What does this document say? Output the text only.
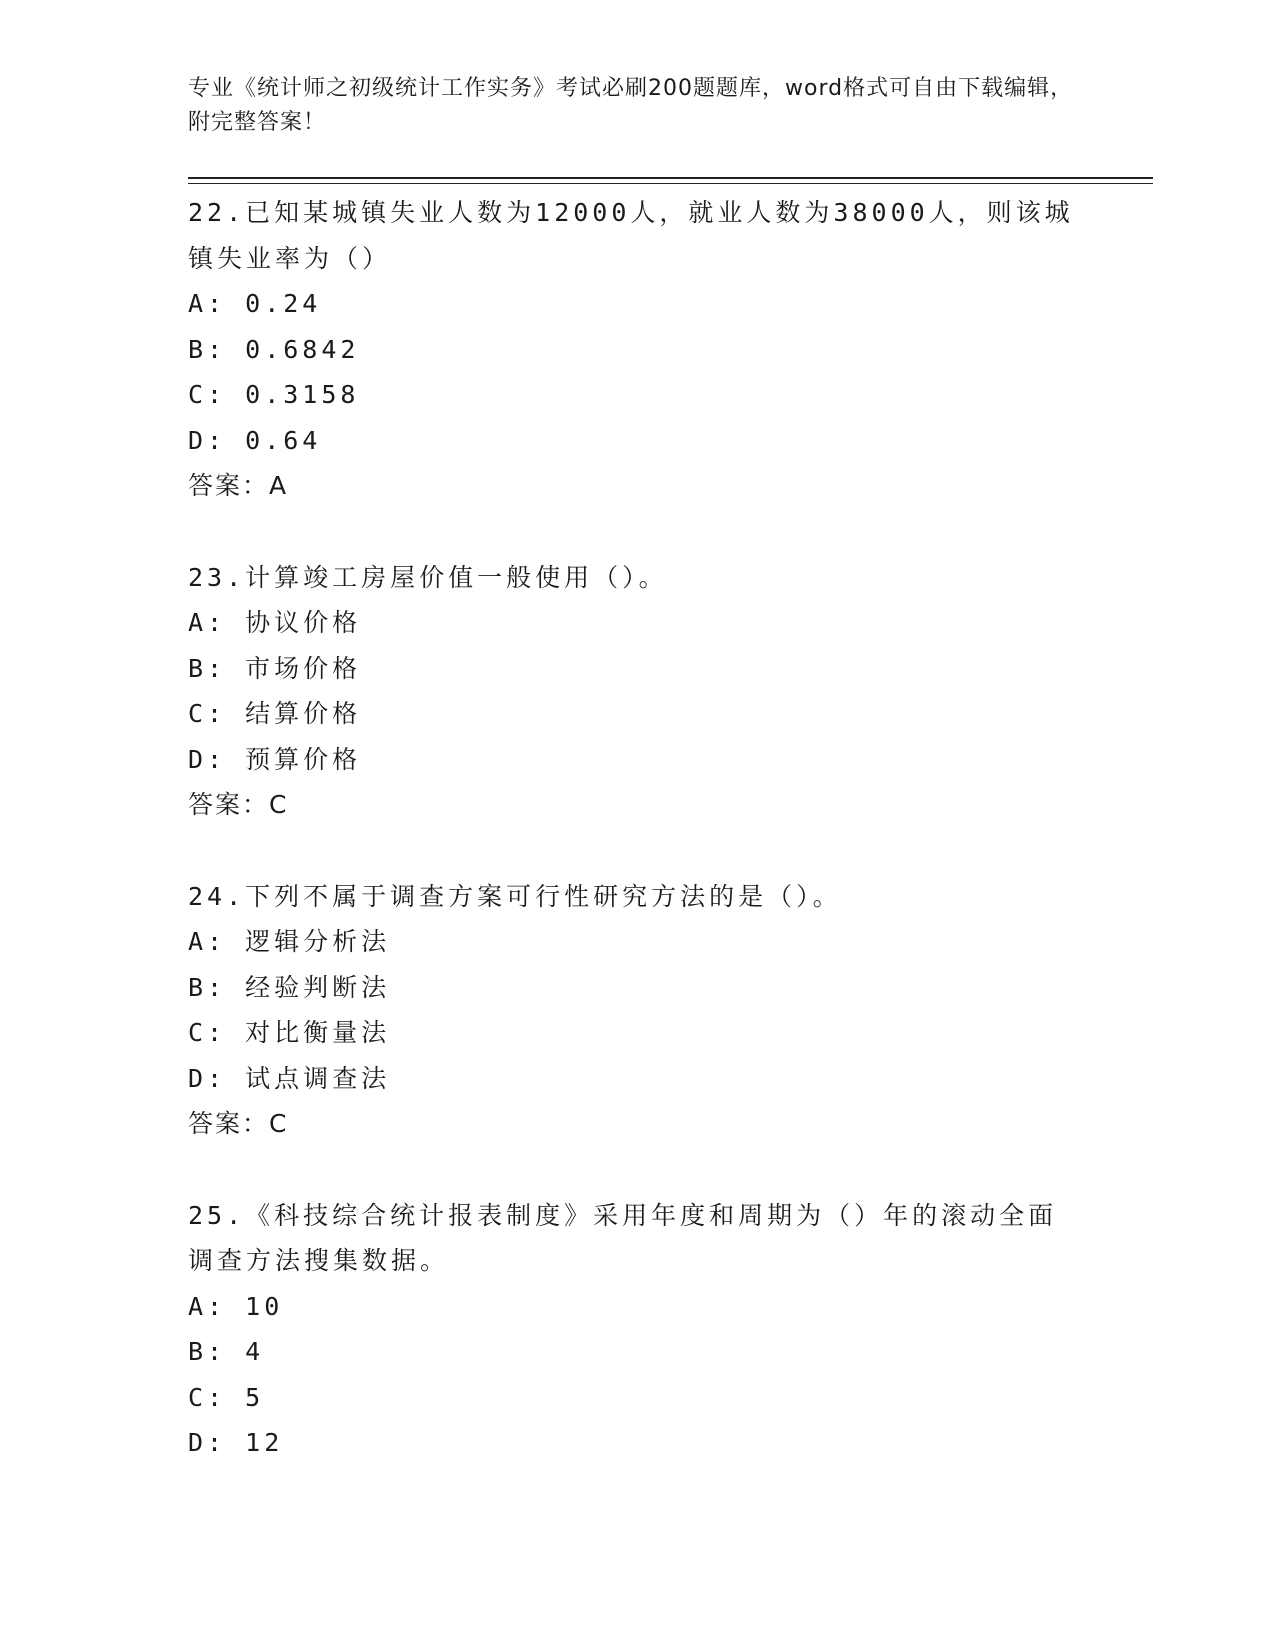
专业《统计师之初级统计工作实务》考试必刷200题题库，word格式可自由下载编辑，附完整答案！
22.已知某城镇失业人数为12000人，就业人数为38000人，则该城镇失业率为（）
A: 0.24
B: 0.6842
C: 0.3158
D: 0.64
答案：A
23.计算竣工房屋价值一般使用（）。
A: 协议价格
B: 市场价格
C: 结算价格
D: 预算价格
答案：C
24.下列不属于调查方案可行性研究方法的是（）。
A: 逻辑分析法
B: 经验判断法
C: 对比衡量法
D: 试点调查法
答案：C
25.《科技综合统计报表制度》采用年度和周期为（）年的滚动全面调查方法搜集数据。
A: 10
B: 4
C: 5
D: 12
